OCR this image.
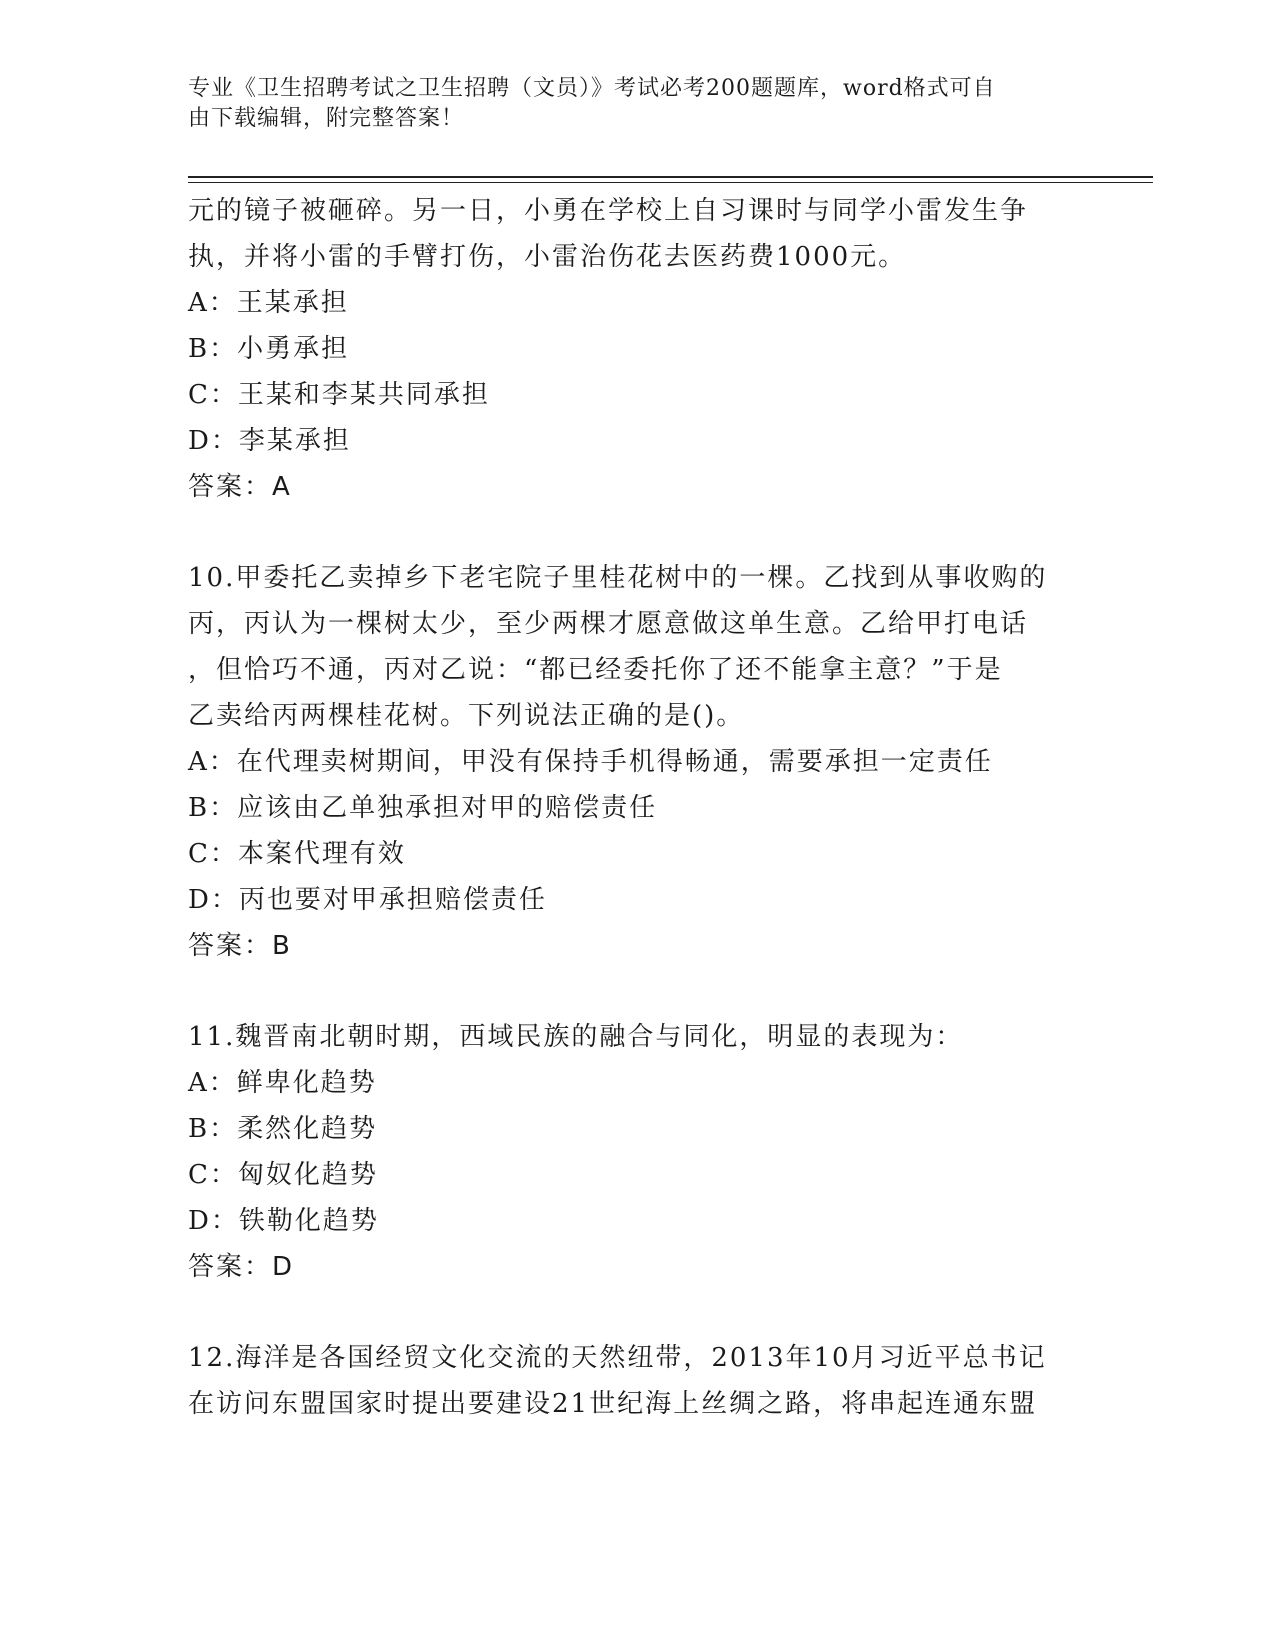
专业《卫生招聘考试之卫生招聘（文员）》考试必考200题题库，word格式可自
由下载编辑，附完整答案！
元的镜子被砸碎。另一日，小勇在学校上自习课时与同学小雷发生争
执，并将小雷的手臂打伤，小雷治伤花去医药费1000元。
A：王某承担
B：小勇承担
C：王某和李某共同承担
D：李某承担
答案：A
10.甲委托乙卖掉乡下老宅院子里桂花树中的一棵。乙找到从事收购的
丙，丙认为一棵树太少，至少两棵才愿意做这单生意。乙给甲打电话
，但恰巧不通，丙对乙说：“都已经委托你了还不能拿主意？”于是
乙卖给丙两棵桂花树。下列说法正确的是()。
A：在代理卖树期间，甲没有保持手机得畅通，需要承担一定责任
B：应该由乙单独承担对甲的赔偿责任
C：本案代理有效
D：丙也要对甲承担赔偿责任
答案：B
11.魏晋南北朝时期，西域民族的融合与同化，明显的表现为：
A：鲜卑化趋势
B：柔然化趋势
C：匈奴化趋势
D：铁勒化趋势
答案：D
12.海洋是各国经贸文化交流的天然纽带，2013年10月习近平总书记
在访问东盟国家时提出要建设21世纪海上丝绸之路，将串起连通东盟
